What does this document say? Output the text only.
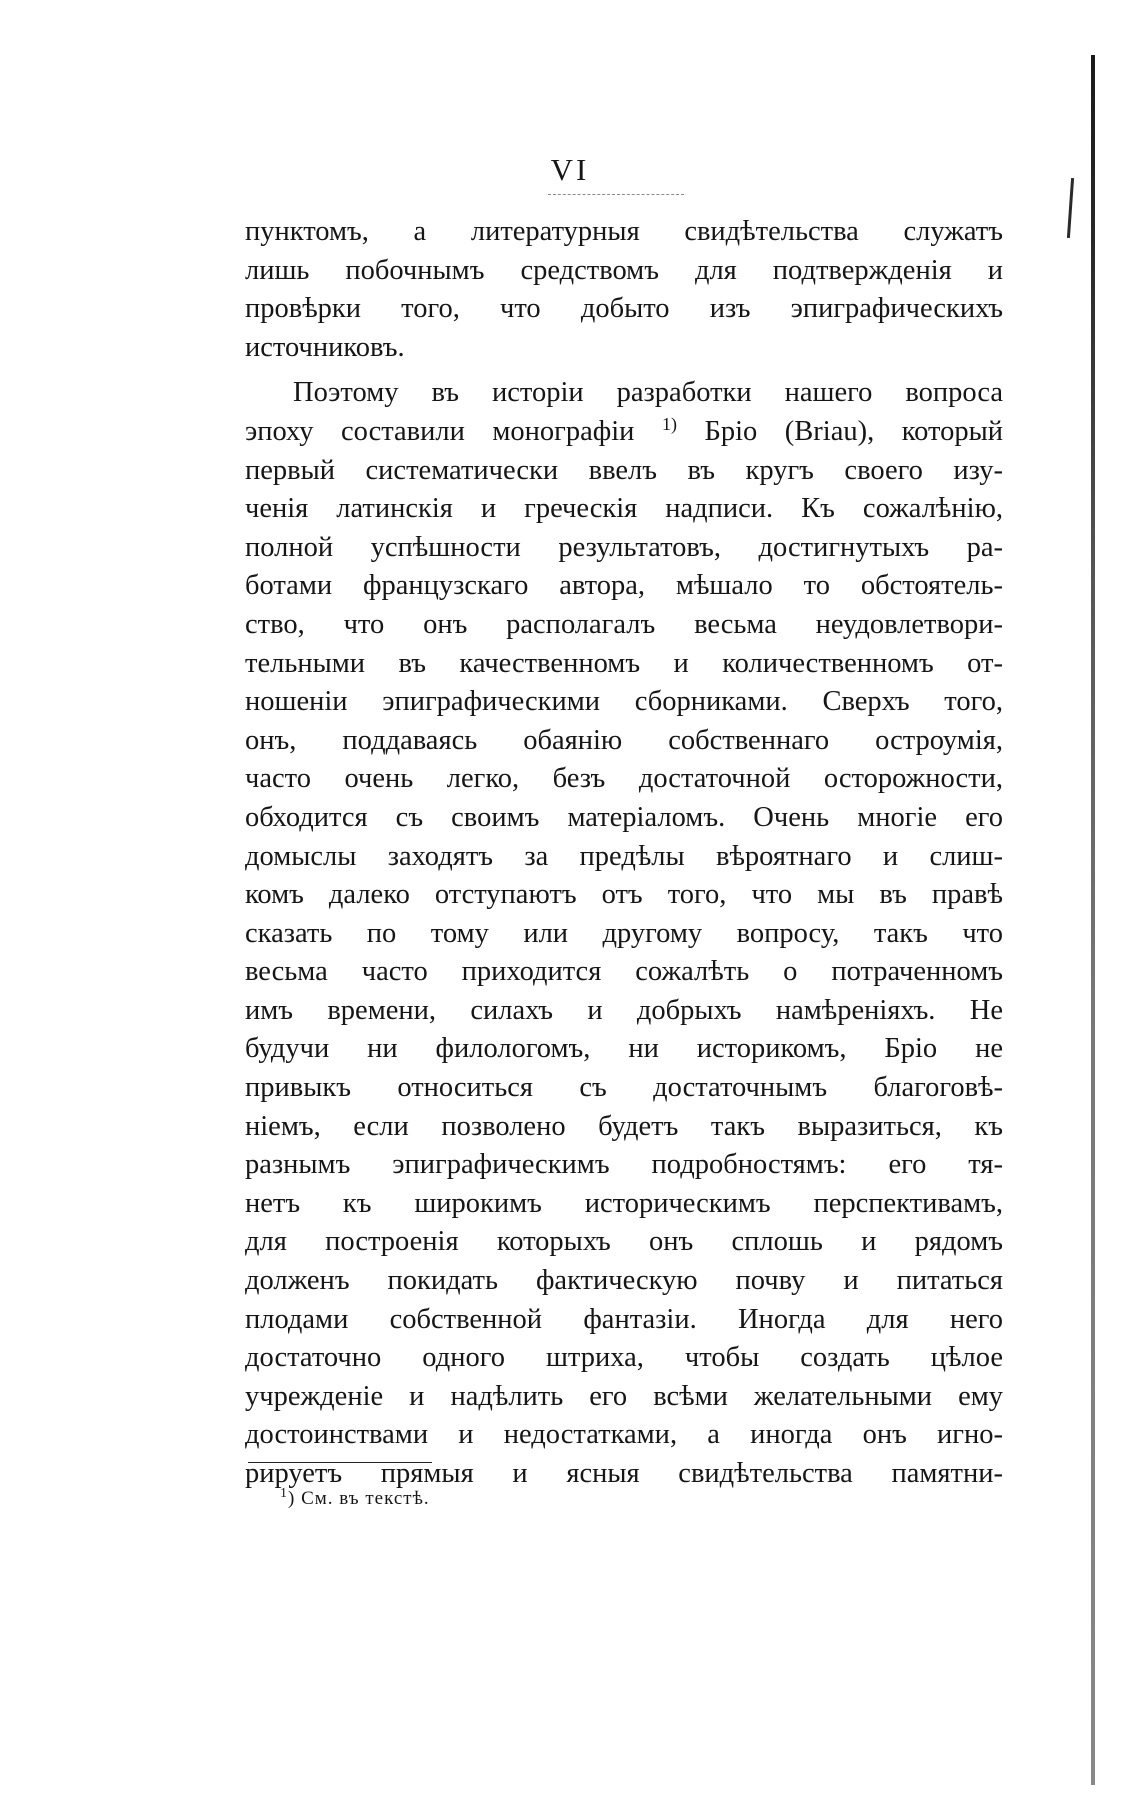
VI
пунктомъ, а литературныя свидѣтельства служатъ
лишь побочнымъ средствомъ для подтвержденія и
провѣрки того, что добыто изъ эпиграфическихъ
источниковъ.
Поэтому въ исторіи разработки нашего вопроса
эпоху составили монографіи $^{1)}$ Бріо (Briau), который
первый систематически ввелъ въ кругъ своего изу-
ченія латинскія и греческія надписи. Къ сожалѣнію,
полной успѣшности результатовъ, достигнутыхъ ра-
ботами французскаго автора, мѣшало то обстоятель-
ство, что онъ располагалъ весьма неудовлетвори-
тельными въ качественномъ и количественномъ от-
ношеніи эпиграфическими сборниками. Сверхъ того,
онъ, поддаваясь обаянію собственнаго остроумія,
часто очень легко, безъ достаточной осторожности,
обходится съ своимъ матеріаломъ. Очень многіе его
домыслы заходятъ за предѣлы вѣроятнаго и слиш-
комъ далеко отступаютъ отъ того, что мы въ правѣ
сказать по тому или другому вопросу, такъ что
весьма часто приходится сожалѣть о потраченномъ
имъ времени, силахъ и добрыхъ намѣреніяхъ. Не
будучи ни филологомъ, ни историкомъ, Бріо не
привыкъ относиться съ достаточнымъ благоговѣ-
ніемъ, если позволено будетъ такъ выразиться, къ
разнымъ эпиграфическимъ подробностямъ: его тя-
нетъ къ широкимъ историческимъ перспективамъ,
для построенія которыхъ онъ сплошь и рядомъ
долженъ покидать фактическую почву и питаться
плодами собственной фантазіи. Иногда для него
достаточно одного штриха, чтобы создать цѣлое
учрежденіе и надѣлить его всѣми желательными ему
достоинствами и недостатками, а иногда онъ игно-
рируетъ прямыя и ясныя свидѣтельства памятни-
$^1$) См. въ текстѣ.
